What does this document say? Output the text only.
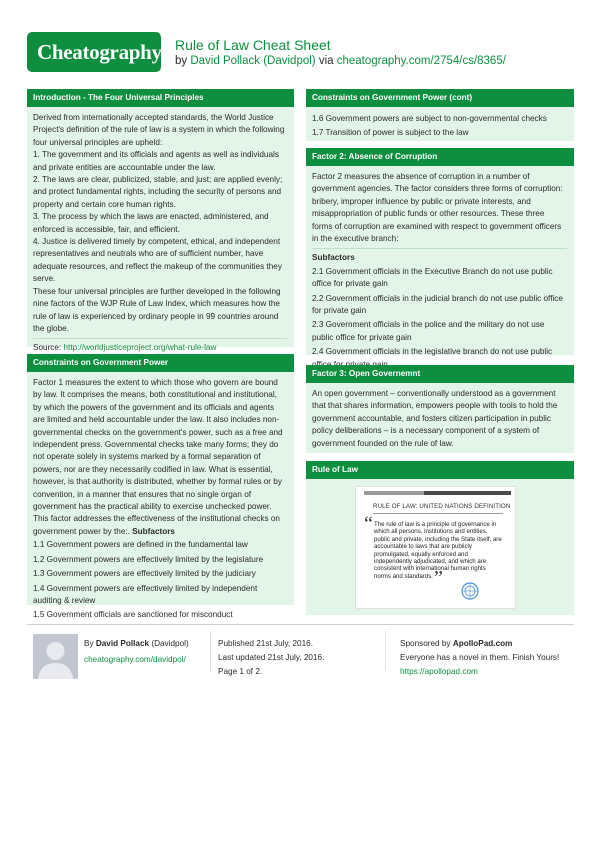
Cheatography Rule of Law Cheat Sheet
by David Pollack (Davidpol) via cheatography.com/2754/cs/8365/
Introduction - The Four Universal Principles

Derived from internationally accepted standards, the World Justice Project's definition of the rule of law is a system in which the following four universal principles are upheld:

1. The government and its officials and agents as well as individuals and private entities are accountable under the law.

2. The laws are clear, publicized, stable, and just; are applied evenly; and protect fundamental rights, including the security of persons and property and certain core human rights.

3. The process by which the laws are enacted, administered, and enforced is accessible, fair, and efficient.

4. Justice is delivered timely by competent, ethical, and independent representatives and neutrals who are of sufficient number, have adequate resources, and reflect the makeup of the communities they serve.

These four universal principles are further developed in the following nine factors of the WJP Rule of Law Index, which measures how the rule of law is experienced by ordinary people in 99 countries around the globe.

Source: http://worldjusticeproject.org/what-rule-law
Constraints on Government Power

Factor 1 measures the extent to which those who govern are bound by law. It comprises the means, both constitutional and institutional, by which the powers of the government and its officials and agents are limited and held accountable under the law. It also includes non-governmental checks on the government's power, such as a free and independent press. Governmental checks take many forms; they do not operate solely in systems marked by a formal separation of powers, nor are they necessarily codified in law. What is essential, however, is that authority is distributed, whether by formal rules or by convention, in a manner that ensures that no single organ of government has the practical ability to exercise unchecked power. This factor addresses the effectiveness of the institutional checks on government power by the:. Subfactors

1.1 Government powers are defined in the fundamental law
1.2 Government powers are effectively limited by the legislature
1.3 Government powers are effectively limited by the judiciary
1.4 Government powers are effectively limited by independent auditing & review
1.5 Government officials are sanctioned for misconduct
Constraints on Government Power (cont)
1.6 Government powers are subject to non-governmental checks
1.7 Transition of power is subject to the law
Factor 2: Absence of Corruption

Factor 2 measures the absence of corruption in a number of government agencies. The factor considers three forms of corruption: bribery, improper influence by public or private interests, and misappropriation of public funds or other resources. These three forms of corruption are examined with respect to government officers in the executive branch:

Subfactors

2.1 Government officials in the Executive Branch do not use public office for private gain
2.2 Government officials in the judicial branch do not use public office for private gain
2.3 Government officials in the police and the military do not use public office for private gain
2.4 Government officials in the legislative branch do not use public
Factor 3: Open Governemnt

An open government – conventionally understood as a government that that shares information, empowers people with tools to hold the government accountable, and fosters citizen participation in public policy deliberations – is a necessary component of a system of government founded on the rule of law.

Rule of Law
RULE OF LAW: UNITED NATIONS DEFINITION
“ The rule of law is a principle of governance in which all persons, institutions and entities, public and private, including the State itself, are accountable to laws that are publicly promulgated, equally enforced and independently adjudicated, and which are consistent with international human rights norms and standards. ”
By David Pollack (Davidpol)
cheatography.com/davidpol/
Published 21st July, 2016.
Last updated 21st July, 2016.
Page 1 of 2.
Sponsored by ApolloPad.com
Everyone has a novel in them. Finish Yours!
https://apollopad.com
